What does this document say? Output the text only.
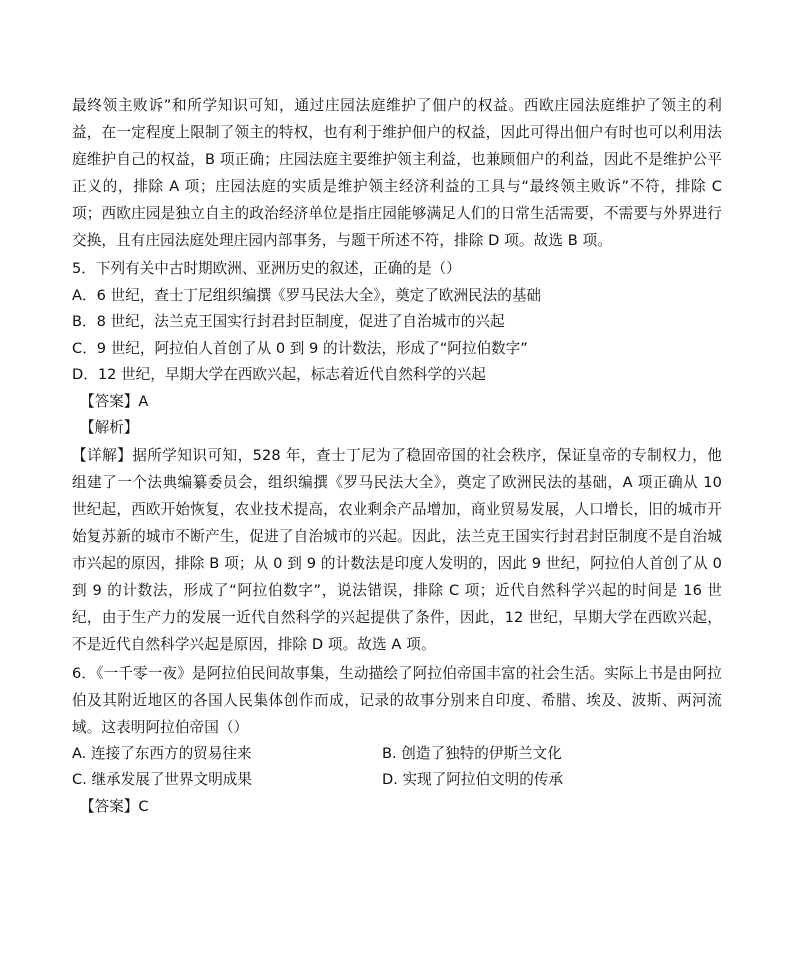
最终领主败诉”和所学知识可知，通过庄园法庭维护了佃户的权益。西欧庄园法庭维护了领主的利益，在一定程度上限制了领主的特权，也有利于维护佃户的权益，因此可得出佃户有时也可以利用法庭维护自己的权益，B 项正确；庄园法庭主要维护领主利益，也兼顾佃户的利益，因此不是维护公平正义的，排除 A 项；庄园法庭的实质是维护领主经济利益的工具与“最终领主败诉”不符，排除 C 项；西欧庄园是独立自主的政治经济单位是指庄园能够满足人们的日常生活需要，不需要与外界进行交换，且有庄园法庭处理庄园内部事务，与题干所述不符，排除 D 项。故选 B 项。

5．下列有关中古时期欧洲、亚洲历史的叙述，正确的是（）

A．6 世纪，查士丁尼组织编撰《罗马民法大全》，奠定了欧洲民法的基础

B．8 世纪，法兰克王国实行封君封臣制度，促进了自治城市的兴起

C．9 世纪，阿拉伯人首创了从 0 到 9 的计数法，形成了“阿拉伯数字”

D．12 世纪，早期大学在西欧兴起，标志着近代自然科学的兴起

【答案】A

【解析】

【详解】据所学知识可知，528 年，查士丁尼为了稳固帝国的社会秩序，保证皇帝的专制权力，他组建了一个法典编纂委员会，组织编撰《罗马民法大全》，奠定了欧洲民法的基础，A 项正确从 10 世纪起，西欧开始恢复，农业技术提高，农业剩余产品增加，商业贸易发展，人口增长，旧的城市开始复苏新的城市不断产生，促进了自治城市的兴起。因此，法兰克王国实行封君封臣制度不是自治城市兴起的原因，排除 B 项；从 0 到 9 的计数法是印度人发明的，因此 9 世纪，阿拉伯人首创了从 0 到 9 的计数法，形成了“阿拉伯数字”，说法错误，排除 C 项；近代自然科学兴起的时间是 16 世纪，由于生产力的发展一近代自然科学的兴起提供了条件，因此，12 世纪，早期大学在西欧兴起，不是近代自然科学兴起是原因，排除 D 项。故选 A 项。

6．《一千零一夜》是阿拉伯民间故事集，生动描绘了阿拉伯帝国丰富的社会生活。实际上书是由阿拉伯及其附近地区的各国人民集体创作而成，记录的故事分别来自印度、希腊、埃及、波斯、两河流域。这表明阿拉伯帝国（）

A. 连接了东西方的贸易往来	B. 创造了独特的伊斯兰文化
C. 继承发展了世界文明成果	D. 实现了阿拉伯文明的传承

【答案】C
